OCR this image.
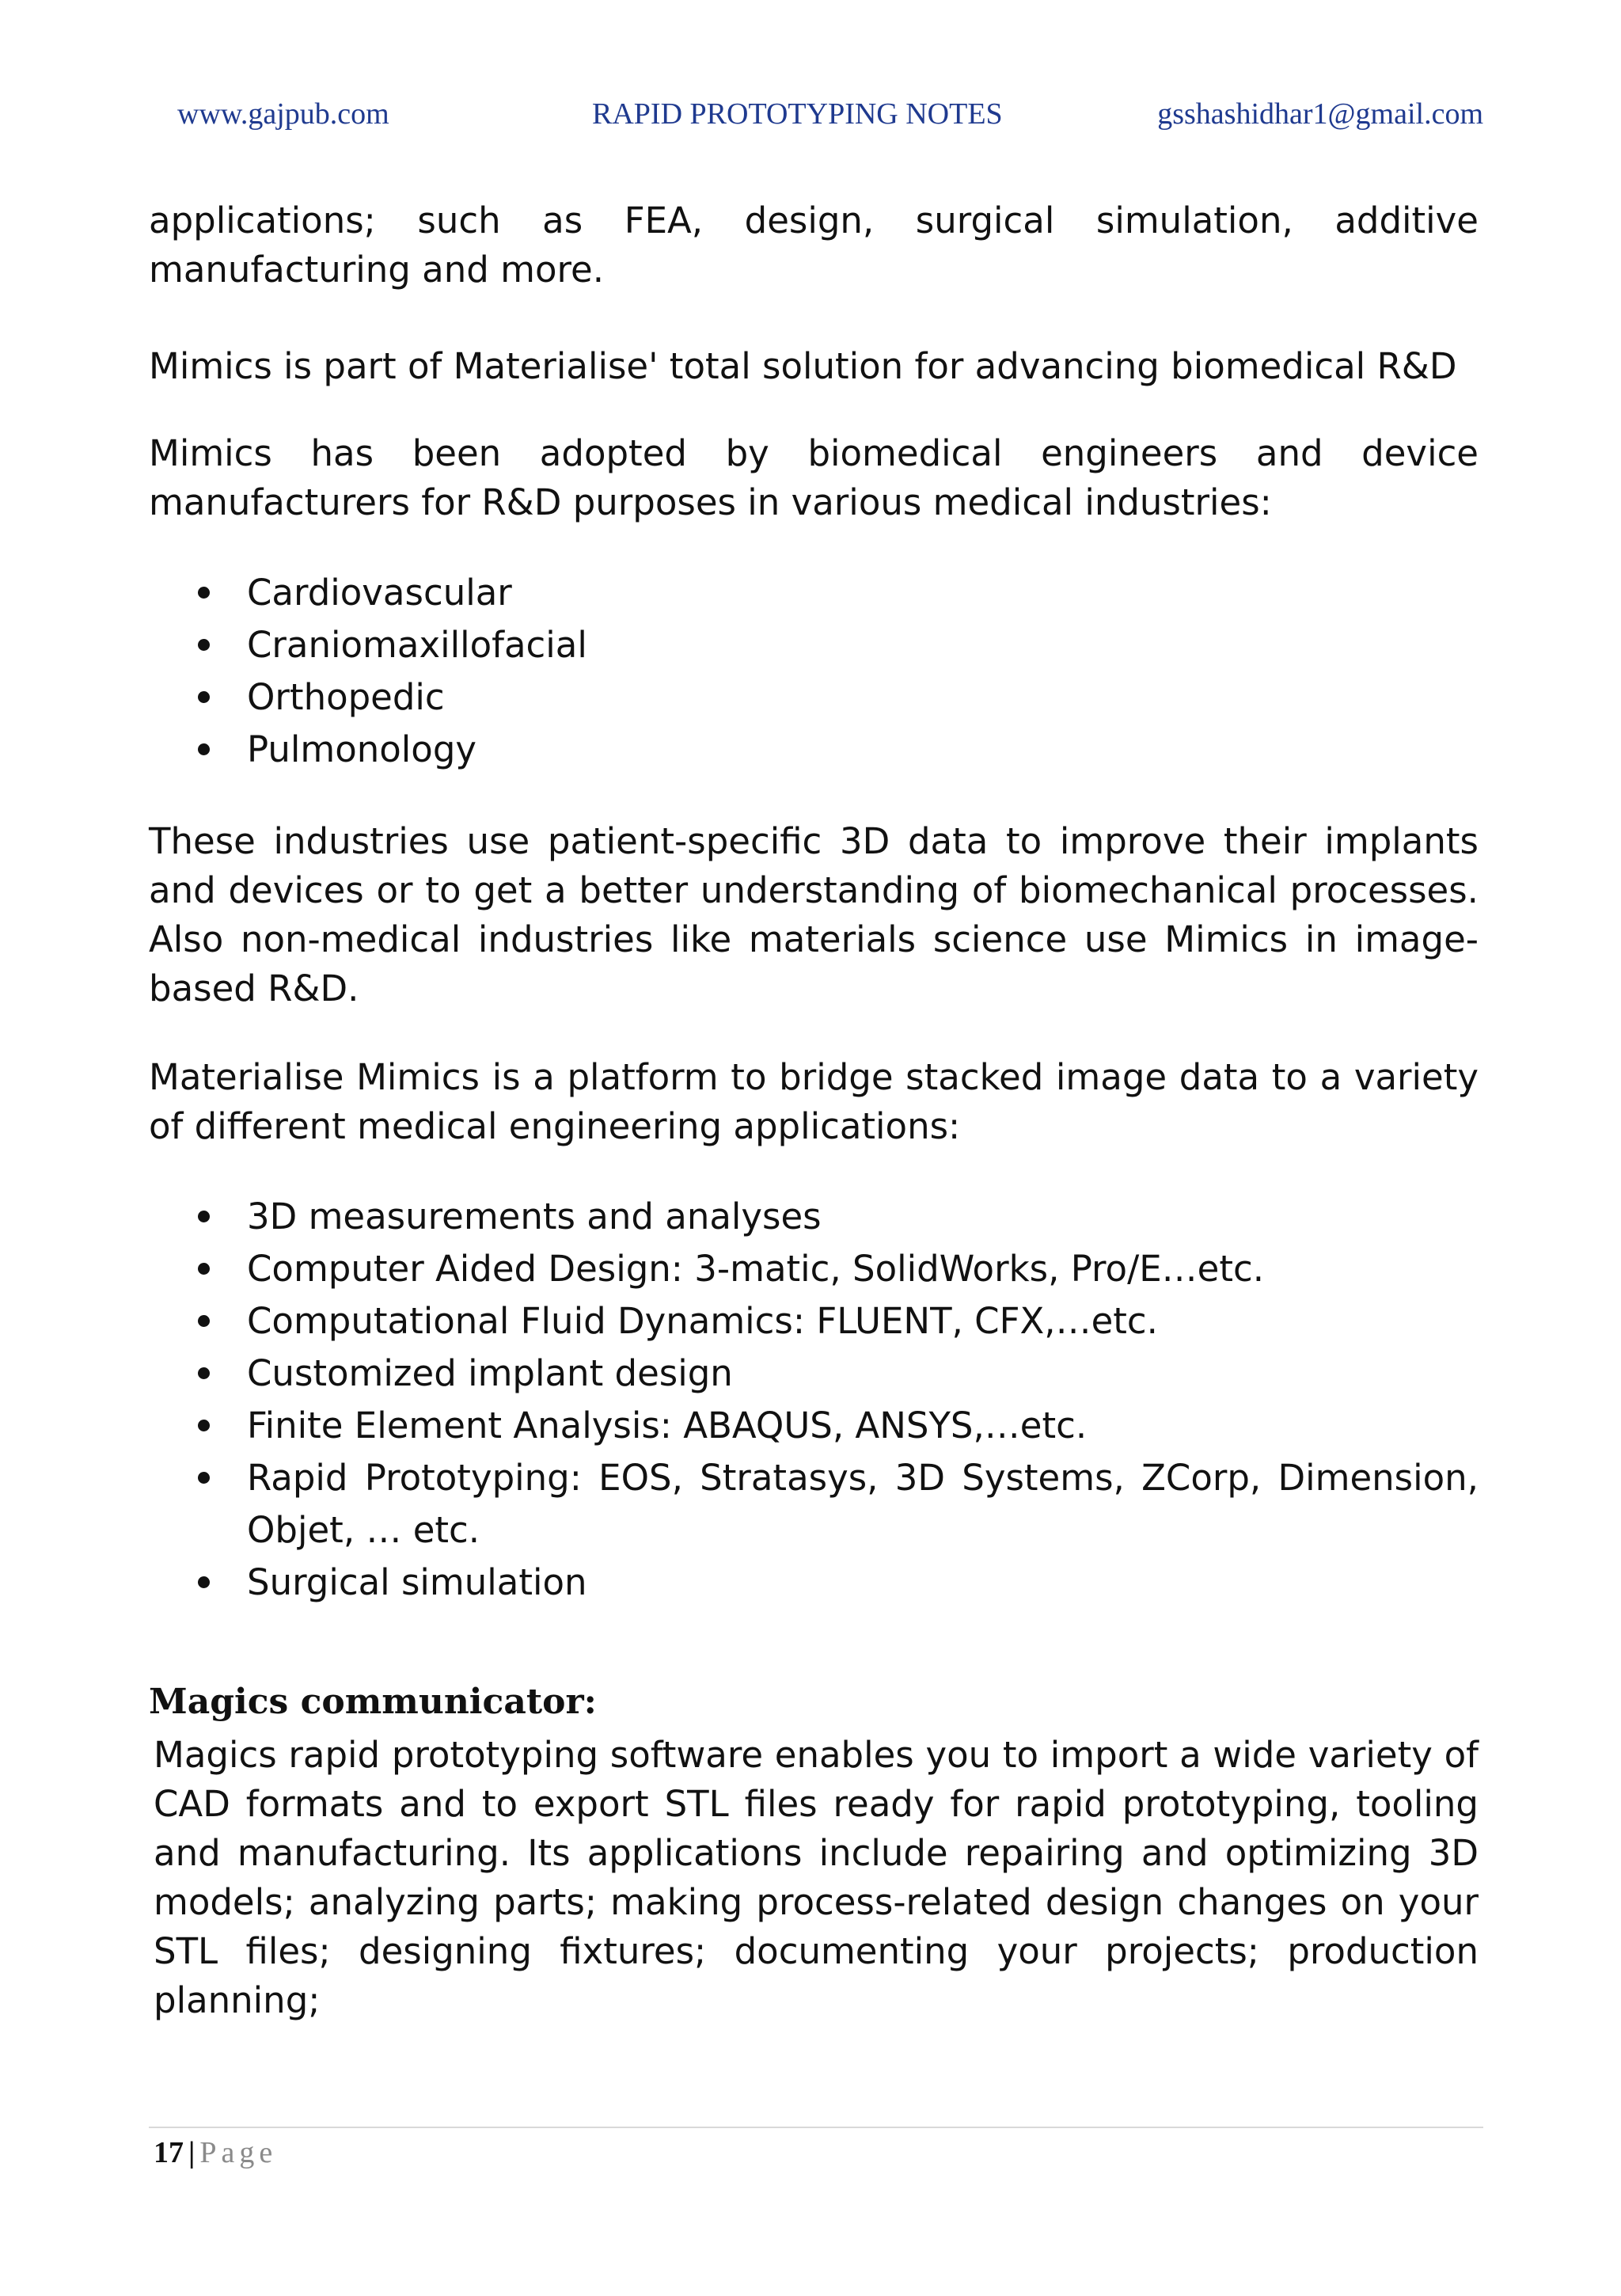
www.gajpub.com	RAPID PROTOTYPING NOTES	gsshashidhar1@gmail.com

applications; such as FEA, design, surgical simulation, additive manufacturing and more.

Mimics is part of Materialise' total solution for advancing biomedical R&D

Mimics has been adopted by biomedical engineers and device manufacturers for R&D purposes in various medical industries:

Cardiovascular
Craniomaxillofacial
Orthopedic
Pulmonology

These industries use patient-specific 3D data to improve their implants and devices or to get a better understanding of biomechanical processes. Also non-medical industries like materials science use Mimics in image-based R&D.

Materialise Mimics is a platform to bridge stacked image data to a variety of different medical engineering applications:

3D measurements and analyses
Computer Aided Design: 3-matic, SolidWorks, Pro/E…etc.
Computational Fluid Dynamics: FLUENT, CFX,…etc.
Customized implant design
Finite Element Analysis: ABAQUS, ANSYS,…etc.
Rapid Prototyping: EOS, Stratasys, 3D Systems, ZCorp, Dimension, Objet, … etc.
Surgical simulation
Magics communicator:

Magics rapid prototyping software enables you to import a wide variety of CAD formats and to export STL files ready for rapid prototyping, tooling and manufacturing. Its applications include repairing and optimizing 3D models; analyzing parts; making process-related design changes on your STL files; designing fixtures; documenting your projects; production planning;

17 | Page
